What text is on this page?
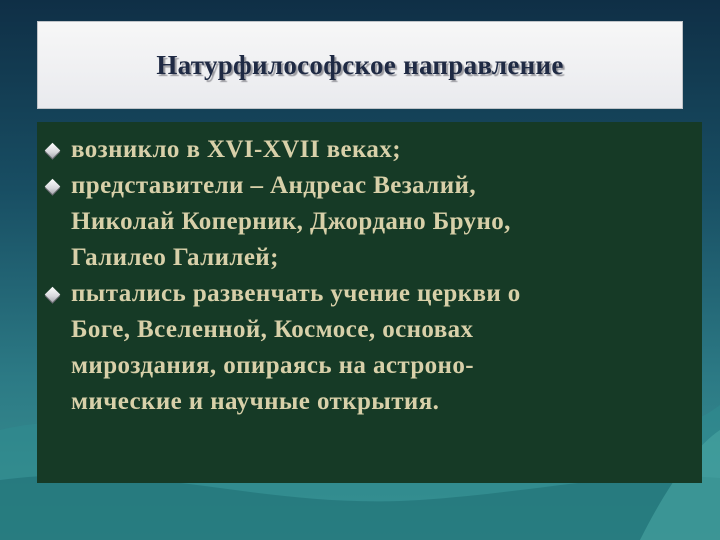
Натурфилософское направление
возникло в XVI-XVII веках;
представители – Андреас Везалий,
Николай Коперник, Джордано Бруно,
Галилео Галилей;
пытались развенчать учение церкви о
Боге, Вселенной, Космосе, основах
мироздания, опираясь на астроно-
мические и научные открытия.
